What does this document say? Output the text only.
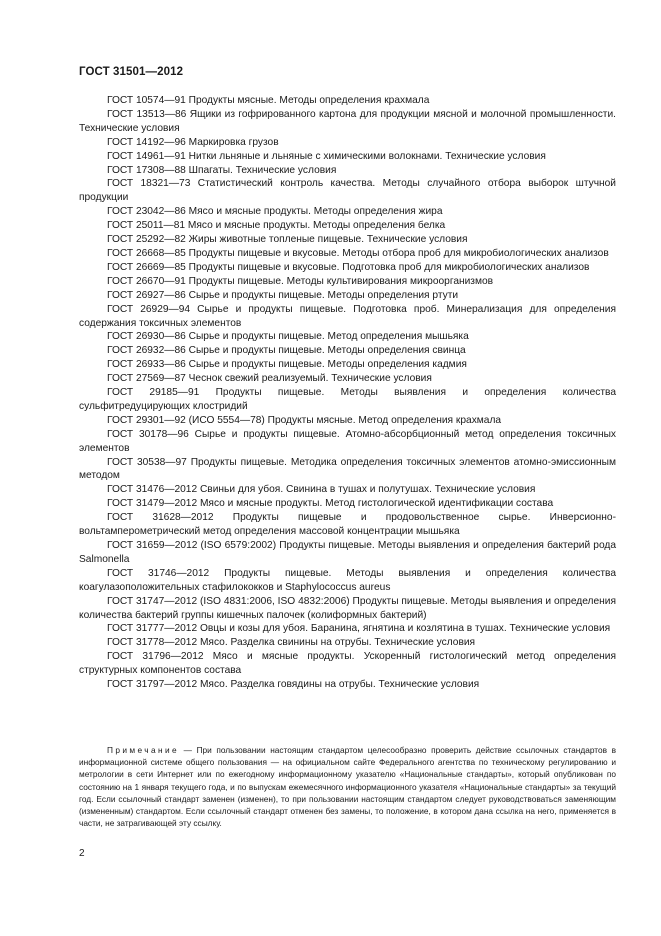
ГОСТ 31501—2012
ГОСТ 10574—91 Продукты мясные. Методы определения крахмала
ГОСТ 13513—86 Ящики из гофрированного картона для продукции мясной и молочной промышленности. Технические условия
ГОСТ 14192—96 Маркировка грузов
ГОСТ 14961—91 Нитки льняные и льняные с химическими волокнами. Технические условия
ГОСТ 17308—88 Шпагаты. Технические условия
ГОСТ 18321—73 Статистический контроль качества. Методы случайного отбора выборок штучной продукции
ГОСТ 23042—86 Мясо и мясные продукты. Методы определения жира
ГОСТ 25011—81 Мясо и мясные продукты. Методы определения белка
ГОСТ 25292—82 Жиры животные топленые пищевые. Технические условия
ГОСТ 26668—85 Продукты пищевые и вкусовые. Методы отбора проб для микробиологических анализов
ГОСТ 26669—85 Продукты пищевые и вкусовые. Подготовка проб для микробиологических анализов
ГОСТ 26670—91 Продукты пищевые. Методы культивирования микроорганизмов
ГОСТ 26927—86 Сырье и продукты пищевые. Методы определения ртути
ГОСТ 26929—94 Сырье и продукты пищевые. Подготовка проб. Минерализация для определения содержания токсичных элементов
ГОСТ 26930—86 Сырье и продукты пищевые. Метод определения мышьяка
ГОСТ 26932—86 Сырье и продукты пищевые. Методы определения свинца
ГОСТ 26933—86 Сырье и продукты пищевые. Методы определения кадмия
ГОСТ 27569—87 Чеснок свежий реализуемый. Технические условия
ГОСТ 29185—91 Продукты пищевые. Методы выявления и определения количества сульфитредуцирующих клостридий
ГОСТ 29301—92 (ИСО 5554—78) Продукты мясные. Метод определения крахмала
ГОСТ 30178—96 Сырье и продукты пищевые. Атомно-абсорбционный метод определения токсичных элементов
ГОСТ 30538—97 Продукты пищевые. Методика определения токсичных элементов атомно-эмиссионным методом
ГОСТ 31476—2012 Свиньи для убоя. Свинина в тушах и полутушах. Технические условия
ГОСТ 31479—2012 Мясо и мясные продукты. Метод гистологической идентификации состава
ГОСТ 31628—2012 Продукты пищевые и продовольственное сырье. Инверсионно-вольтамперометрический метод определения массовой концентрации мышьяка
ГОСТ 31659—2012 (ISO 6579:2002) Продукты пищевые. Методы выявления и определения бактерий рода Salmonella
ГОСТ 31746—2012 Продукты пищевые. Методы выявления и определения количества коагулазоположительных стафилококков и Staphylococcus aureus
ГОСТ 31747—2012 (ISO 4831:2006, ISO 4832:2006) Продукты пищевые. Методы выявления и определения количества бактерий группы кишечных палочек (колиформных бактерий)
ГОСТ 31777—2012 Овцы и козы для убоя. Баранина, ягнятина и козлятина в тушах. Технические условия
ГОСТ 31778—2012 Мясо. Разделка свинины на отрубы. Технические условия
ГОСТ 31796—2012 Мясо и мясные продукты. Ускоренный гистологический метод определения структурных компонентов состава
ГОСТ 31797—2012 Мясо. Разделка говядины на отрубы. Технические условия
Примечание — При пользовании настоящим стандартом целесообразно проверить действие ссылочных стандартов в информационной системе общего пользования — на официальном сайте Федерального агентства по техническому регулированию и метрологии в сети Интернет или по ежегодному информационному указателю «Национальные стандарты», который опубликован по состоянию на 1 января текущего года, и по выпускам ежемесячного информационного указателя «Национальные стандарты» за текущий год. Если ссылочный стандарт заменен (изменен), то при пользовании настоящим стандартом следует руководствоваться заменяющим (измененным) стандартом. Если ссылочный стандарт отменен без замены, то положение, в котором дана ссылка на него, применяется в части, не затрагивающей эту ссылку.
2
